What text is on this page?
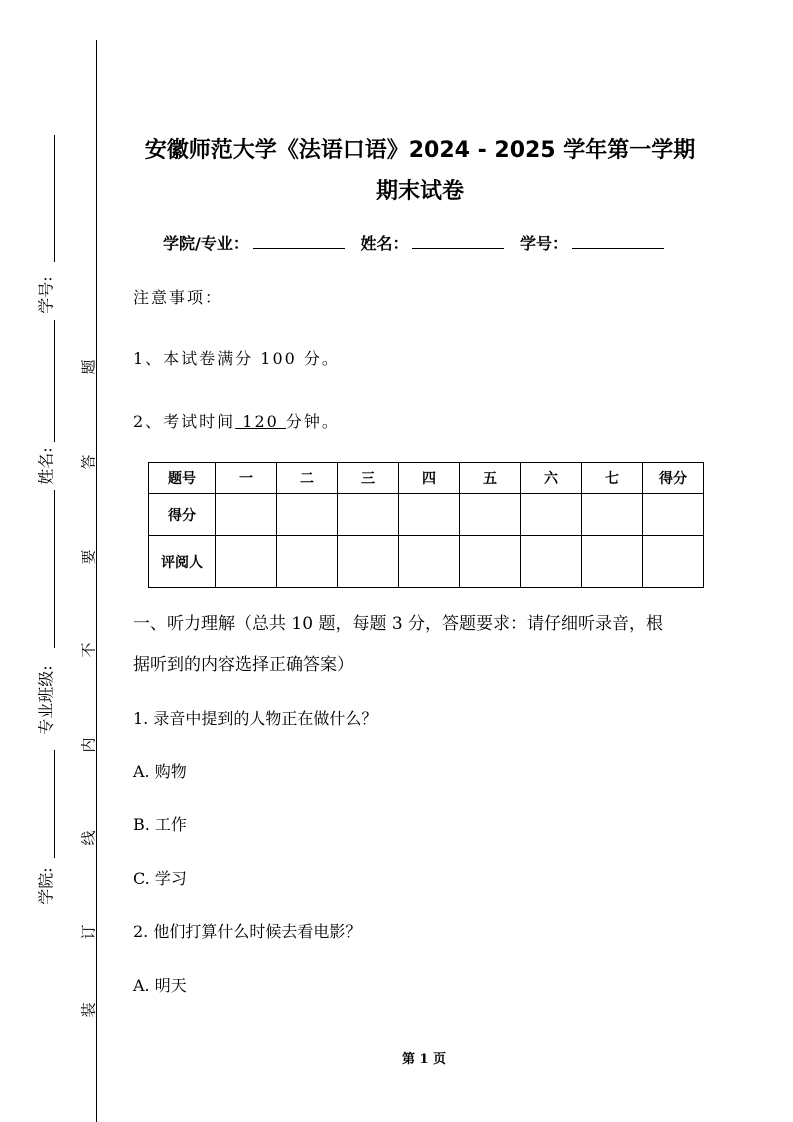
学号:
姓名:
专业班级:
学院:
装
订
线
内
不
要
答
题
安徽师范大学《法语口语》2024 - 2025 学年第一学期
期末试卷
学院/专业：	姓名：	学号：
注意事项：
1、本试卷满分 100 分。
2、考试时间 120 分钟。
题号	一	二	三	四	五	六	七	得分
得分								
评阅人								
一、听力理解（总共 10 题，每题 3 分，答题要求：请仔细听录音，根
据听到的内容选择正确答案）
1. 录音中提到的人物正在做什么？
A. 购物
B. 工作
C. 学习
2. 他们打算什么时候去看电影？
A. 明天
第 1 页
